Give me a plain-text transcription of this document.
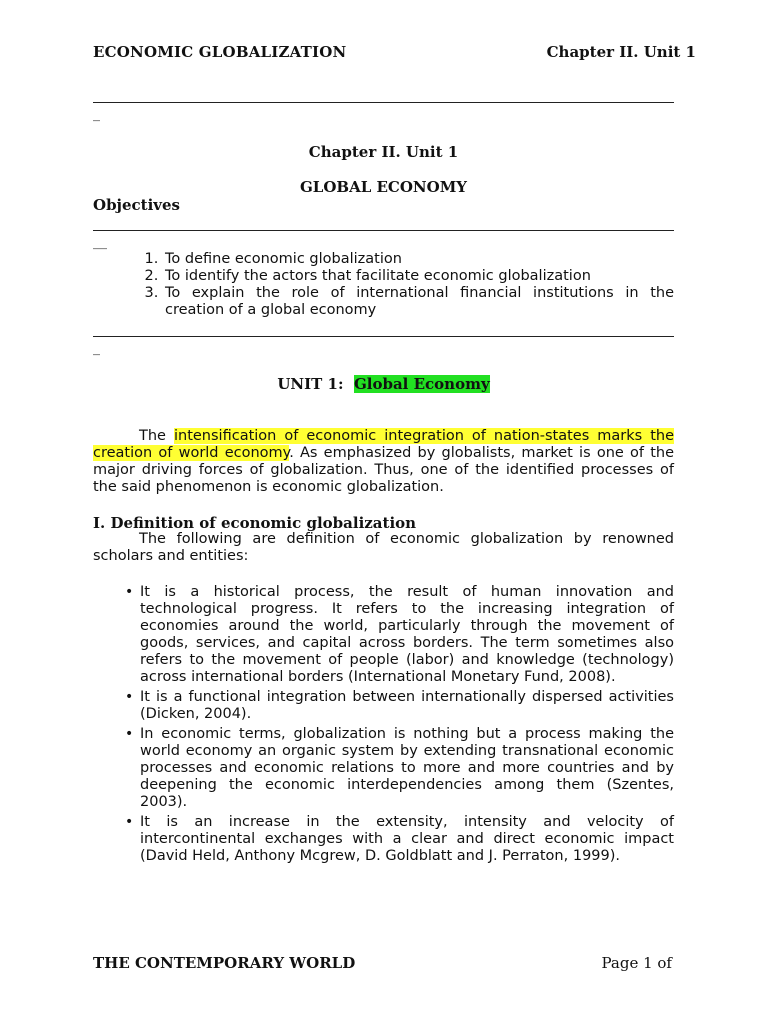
ECONOMIC GLOBALIZATION	Chapter II. Unit 1
_
Chapter II. Unit 1
GLOBAL ECONOMY
Objectives
__
1. To define economic globalization
2. To identify the actors that facilitate economic globalization
3. To explain the role of international financial institutions in the creation of a global economy
_
UNIT 1: Global Economy
The intensification of economic integration of nation-states marks the creation of world economy. As emphasized by globalists, market is one of the major driving forces of globalization. Thus, one of the identified processes of the said phenomenon is economic globalization.
I. Definition of economic globalization
The following are definition of economic globalization by renowned scholars and entities:
• It is a historical process, the result of human innovation and technological progress. It refers to the increasing integration of economies around the world, particularly through the movement of goods, services, and capital across borders. The term sometimes also refers to the movement of people (labor) and knowledge (technology) across international borders (International Monetary Fund, 2008).
• It is a functional integration between internationally dispersed activities (Dicken, 2004).
• In economic terms, globalization is nothing but a process making the world economy an organic system by extending transnational economic processes and economic relations to more and more countries and by deepening the economic interdependencies among them (Szentes, 2003).
• It is an increase in the extensity, intensity and velocity of intercontinental exchanges with a clear and direct economic impact (David Held, Anthony Mcgrew, D. Goldblatt and J. Perraton, 1999).
THE CONTEMPORARY WORLD	Page 1 of
